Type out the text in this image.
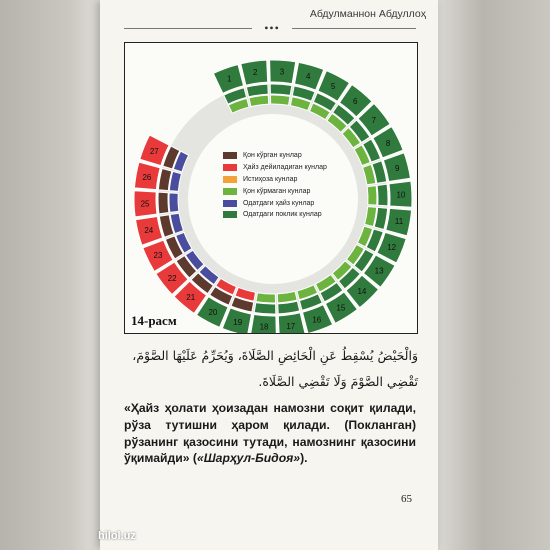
Абдулманнон Абдуллоҳ
•••
1
2	3
4
5
6
7
8
9
10
11
12
13
14
15
16
17
18
19
20
21
22
23
24
25
26
27	Қон кўрган кунлар
Ҳайз дейиладиган кунлар
Истиҳоза кунлар
Қон кўрмаган кунлар
Одатдаги ҳайз кунлар
Одатдаги поклик кунлар
14-расм

وَالْحَيْضُ يُسْقِطُ عَنِ الْحَائِضِ الصَّلَاةَ، وَيُحَرِّمُ عَلَيْهَا الصَّوْمَ،

تَقْضِي الصَّوْمَ وَلَا تَقْضِي الصَّلَاةَ.

«Ҳайз ҳолати ҳоизадан намозни соқит қилади, рўза тутишни ҳаром қилади. (Покланган) рўзанинг қазосини тутади, намознинг қазосини ўқимайди» («Шарҳул-Бидоя»).
65
hilol.uz
